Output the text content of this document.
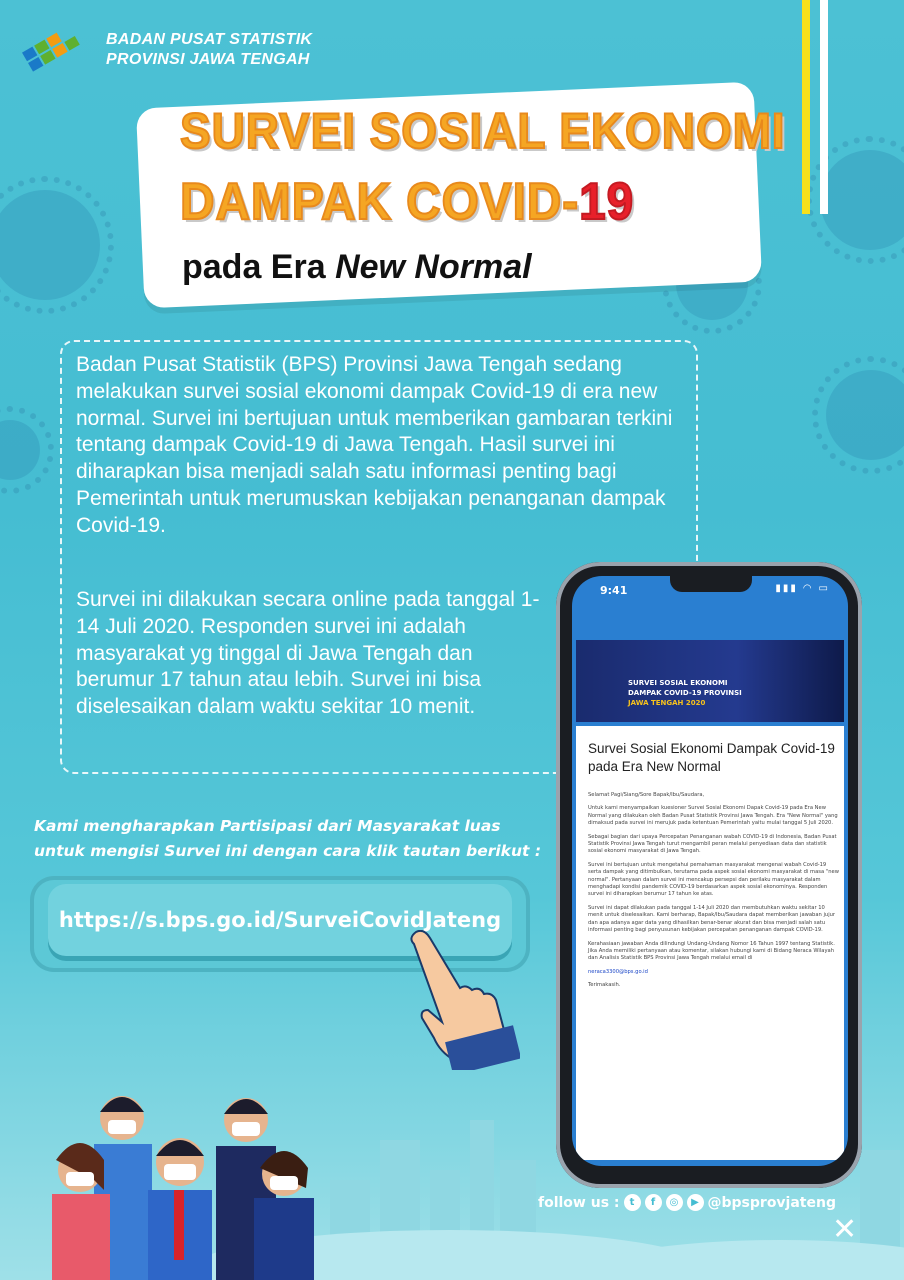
BADAN PUSAT STATISTIK
PROVINSI JAWA TENGAH
SURVEI SOSIAL EKONOMI
DAMPAK COVID-19
pada Era New Normal
Badan Pusat Statistik (BPS) Provinsi Jawa Tengah sedang melakukan survei sosial ekonomi dampak Covid-19 di era new normal. Survei ini bertujuan untuk memberikan gambaran terkini tentang dampak Covid-19 di Jawa Tengah. Hasil survei ini diharapkan bisa menjadi salah satu informasi penting bagi Pemerintah untuk merumuskan kebijakan penanganan dampak Covid-19.
Survei ini dilakukan secara online pada tanggal 1-14 Juli 2020. Responden survei ini adalah masyarakat yg tinggal di Jawa Tengah dan berumur 17 tahun atau lebih. Survei ini bisa diselesaikan dalam waktu sekitar 10 menit.
Kami mengharapkan Partisipasi dari Masyarakat luas
untuk mengisi Survei ini dengan cara klik tautan berikut :
https://s.bps.go.id/SurveiCovidJateng
9:41	▮▮▮ ◠ ▭
SURVEI SOSIAL EKONOMI
DAMPAK COVID-19 PROVINSI
JAWA TENGAH 2020
Survei Sosial Ekonomi Dampak Covid-19 pada Era New Normal

Selamat Pagi/Siang/Sore Bapak/Ibu/Saudara,

Untuk kami menyampaikan kuesioner Survei Sosial Ekonomi Dapak Covid-19 pada Era New Normal yang dilakukan oleh Badan Pusat Statistik Provinsi Jawa Tengah. Era "New Normal" yang dimaksud pada survei ini merujuk pada ketentuan Pemerintah yaitu mulai tanggal 5 Juli 2020.

Sebagai bagian dari upaya Percepatan Penanganan wabah COVID-19 di Indonesia, Badan Pusat Statistik Provinsi Jawa Tengah turut mengambil peran melalui penyediaan data dan statistik sosial ekonomi masyarakat di Jawa Tengah.

Survei ini bertujuan untuk mengetahui pemahaman masyarakat mengenai wabah Covid-19 serta dampak yang ditimbulkan, terutama pada aspek sosial ekonomi masyarakat di masa "new normal". Pertanyaan dalam survei ini mencakup persepsi dan perilaku masyarakat dalam menghadapi kondisi pandemik COVID-19 berdasarkan aspek sosial ekonominya. Responden survei ini diharapkan berumur 17 tahun ke atas.

Survei ini dapat dilakukan pada tanggal 1-14 Juli 2020 dan membutuhkan waktu sekitar 10 menit untuk diselesaikan. Kami berharap, Bapak/Ibu/Saudara dapat memberikan jawaban jujur dan apa adanya agar data yang dihasilkan benar-benar akurat dan bisa menjadi salah satu informasi penting bagi penyusunan kebijakan percepatan penanganan dampak COVID-19.

Kerahasiaan jawaban Anda dilindungi Undang-Undang Nomor 16 Tahun 1997 tentang Statistik. Jika Anda memiliki pertanyaan atau komentar, silakan hubungi kami di Bidang Neraca Wilayah dan Analisis Statistik BPS Provinsi Jawa Tengah melalui email di

neraca3300@bps.go.id

Terimakasih.

follow us :	t	f	◎	▶ @bpsprovjateng
✕
